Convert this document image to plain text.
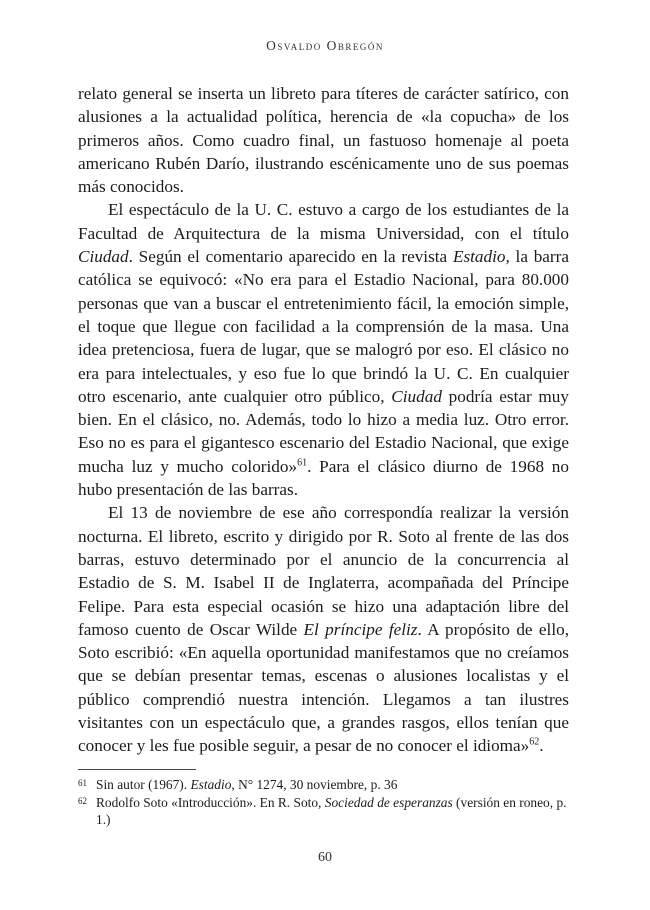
Osvaldo Obregón

relato general se inserta un libreto para títeres de carácter satírico, con alusiones a la actualidad política, herencia de «la copucha» de los primeros años. Como cuadro final, un fastuoso homenaje al poeta americano Rubén Darío, ilustrando escénicamente uno de sus poemas más conocidos.

El espectáculo de la U. C. estuvo a cargo de los estudiantes de la Facultad de Arquitectura de la misma Universidad, con el título Ciudad. Según el comentario aparecido en la revista Estadio, la barra católica se equivocó: «No era para el Estadio Nacional, para 80.000 personas que van a buscar el entretenimiento fácil, la emoción simple, el toque que llegue con facilidad a la comprensión de la masa. Una idea pretenciosa, fuera de lugar, que se malogró por eso. El clásico no era para intelectuales, y eso fue lo que brindó la U. C. En cualquier otro escenario, ante cualquier otro público, Ciudad podría estar muy bien. En el clásico, no. Además, todo lo hizo a media luz. Otro error. Eso no es para el gigantesco escenario del Estadio Nacional, que exige mucha luz y mucho colorido»$^{61}$. Para el clásico diurno de 1968 no hubo presentación de las barras.

El 13 de noviembre de ese año correspondía realizar la versión nocturna. El libreto, escrito y dirigido por R. Soto al frente de las dos barras, estuvo determinado por el anuncio de la concurrencia al Estadio de S. M. Isabel II de Inglaterra, acompañada del Príncipe Felipe. Para esta especial ocasión se hizo una adaptación libre del famoso cuento de Oscar Wilde El príncipe feliz. A propósito de ello, Soto escribió: «En aquella oportunidad manifestamos que no creíamos que se debían presentar temas, escenas o alusiones localistas y el público comprendió nuestra intención. Llegamos a tan ilustres visitantes con un espectáculo que, a grandes rasgos, ellos tenían que conocer y les fue posible seguir, a pesar de no conocer el idioma»$^{62}$.

61 Sin autor (1967). Estadio, N° 1274, 30 noviembre, p. 36
62 Rodolfo Soto «Introducción». En R. Soto, Sociedad de esperanzas (versión en roneo, p. 1.)
60
